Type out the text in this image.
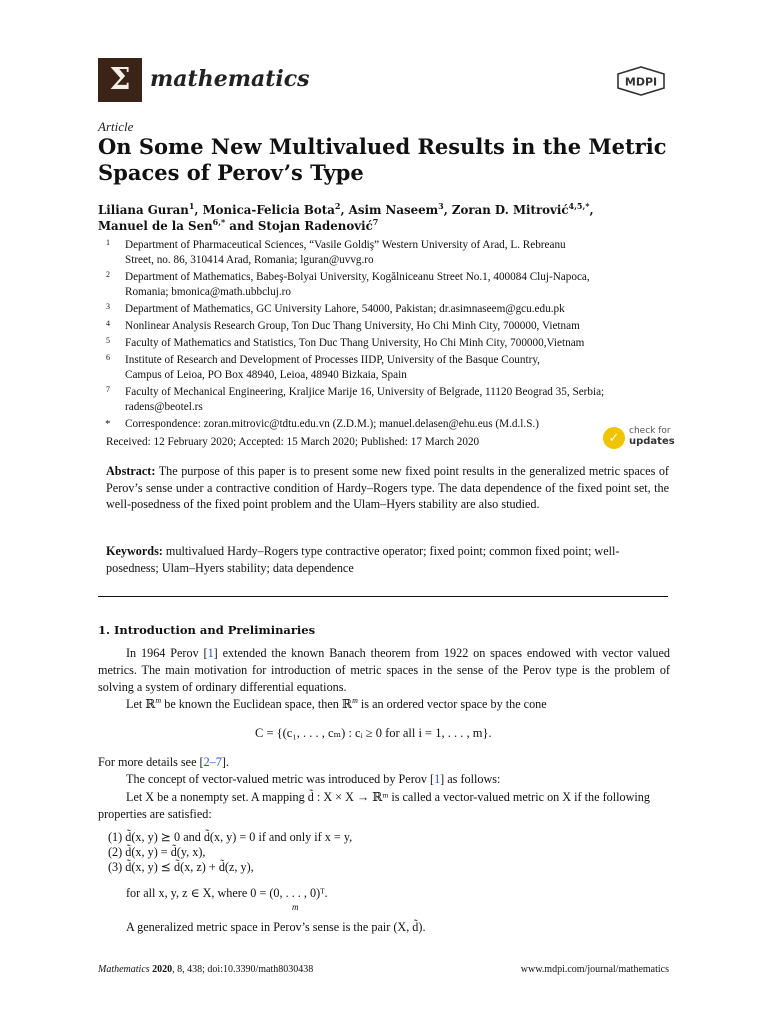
Σ mathematics	MDPI
Article
On Some New Multivalued Results in the Metric
Spaces of Perov’s Type
Liliana Guran$^1$, Monica-Felicia Bota$^2$, Asim Naseem$^3$, Zoran D. Mitrović$^{4,5,*}$,
Manuel de la Sen$^{6,*}$ and Stojan Radenović$^7$
1 Department of Pharmaceutical Sciences, “Vasile Goldiş” Western University of Arad, L. Rebreanu
Street, no. 86, 310414 Arad, Romania; lguran@uvvg.ro
2 Department of Mathematics, Babeş-Bolyai University, Kogălniceanu Street No.1, 400084 Cluj-Napoca,
Romania; bmonica@math.ubbcluj.ro
3 Department of Mathematics, GC University Lahore, 54000, Pakistan; dr.asimnaseem@gcu.edu.pk
4 Nonlinear Analysis Research Group, Ton Duc Thang University, Ho Chi Minh City, 700000, Vietnam
5 Faculty of Mathematics and Statistics, Ton Duc Thang University, Ho Chi Minh City, 700000,Vietnam
6 Institute of Research and Development of Processes IIDP, University of the Basque Country,
Campus of Leioa, PO Box 48940, Leioa, 48940 Bizkaia, Spain
7 Faculty of Mechanical Engineering, Kraljice Marije 16, University of Belgrade, 11120 Beograd 35, Serbia;
radens@beotel.rs
* Correspondence: zoran.mitrovic@tdtu.edu.vn (Z.D.M.); manuel.delasen@ehu.eus (M.d.l.S.)
Received: 12 February 2020; Accepted: 15 March 2020; Published: 17 March 2020	✓	check for
updates
Abstract: The purpose of this paper is to present some new fixed point results in the generalized metric spaces of Perov’s sense under a contractive condition of Hardy–Rogers type. The data dependence of the fixed point set, the well-posedness of the fixed point problem and the Ulam–Hyers stability are also studied.
Keywords: multivalued Hardy–Rogers type contractive operator; fixed point; common fixed point; well-posedness; Ulam–Hyers stability; data dependence
1. Introduction and Preliminaries

In 1964 Perov [1] extended the known Banach theorem from 1922 on spaces endowed with vector valued metrics. The main motivation for introduction of metric spaces in the sense of the Perov type is the problem of solving a system of ordinary differential equations.

Let ℝ$^m$ be known the Euclidean space, then ℝ$^m$ is an ordered vector space by the cone

C = {(c₁, . . . , cₘ) : cᵢ ≥ 0 for all i = 1, . . . , m}.
For more details see [2–7].
The concept of vector-valued metric was introduced by Perov [1] as follows:

Let X be a nonempty set. A mapping d̃ : X × X → ℝᵐ is called a vector-valued metric on X if the following properties are satisfied:

(1) d̃(x, y) ⪰ 0 and d̃(x, y) = 0 if and only if x = y,
(2) d̃(x, y) = d̃(y, x),
(3) d̃(x, y) ⪯ d̃(x, z) + d̃(z, y),
for all x, y, z ∈ X, where 0 = (0, . . . , 0)ᵀ.
m
A generalized metric space in Perov’s sense is the pair (X, d̃).
Mathematics 2020, 8, 438; doi:10.3390/math8030438	www.mdpi.com/journal/mathematics
